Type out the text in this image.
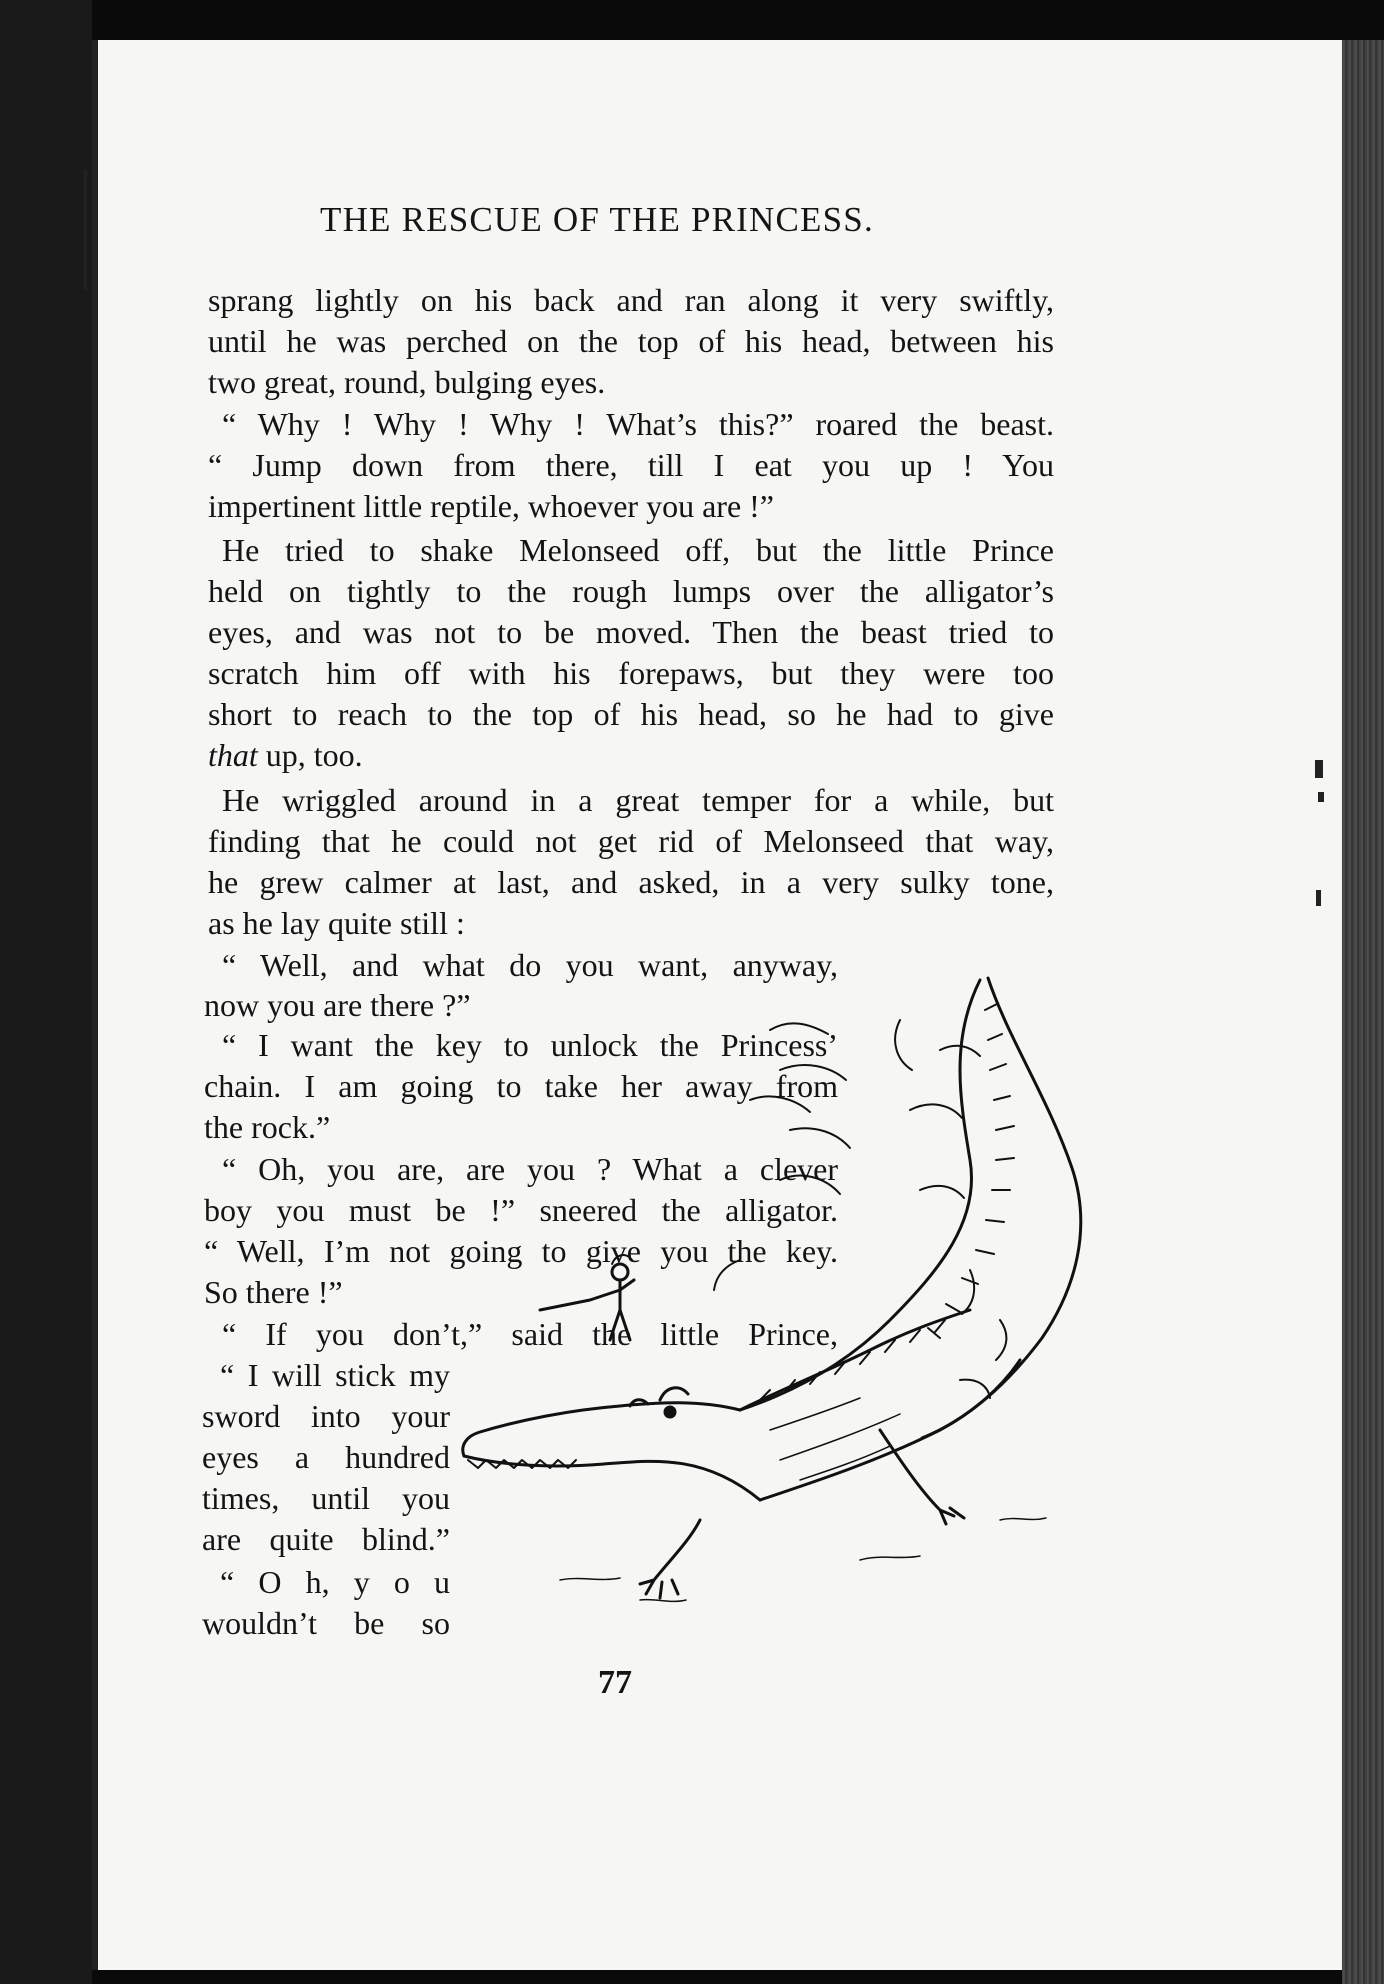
THE RESCUE OF THE PRINCESS.
sprang lightly on his back and ran along it very swiftly,
until he was perched on the top of his head, between his
two great, round, bulging eyes.
“ Why ! Why ! Why ! What’s this?” roared the beast.
“ Jump down from there, till I eat you up ! You
impertinent little reptile, whoever you are !”
He tried to shake Melonseed off, but the little Prince
held on tightly to the rough lumps over the alligator’s
eyes, and was not to be moved. Then the beast tried to
scratch him off with his forepaws, but they were too
short to reach to the top of his head, so he had to give
that up, too.
He wriggled around in a great temper for a while, but
finding that he could not get rid of Melonseed that way,
he grew calmer at last, and asked, in a very sulky tone,
as he lay quite still :
“ Well, and what do you want, anyway,
now you are there ?”
“ I want the key to unlock the Princess’
chain. I am going to take her away from
the rock.”
“ Oh, you are, are you ? What a clever
boy you must be !” sneered the alligator.
“ Well, I’m not going to give you the key.
So there !”
“ If you don’t,” said the little Prince,
“ I will stick my
sword into your
eyes a hundred
times, until you
are quite blind.”
“ O h, y o u
wouldn’t be so
77
